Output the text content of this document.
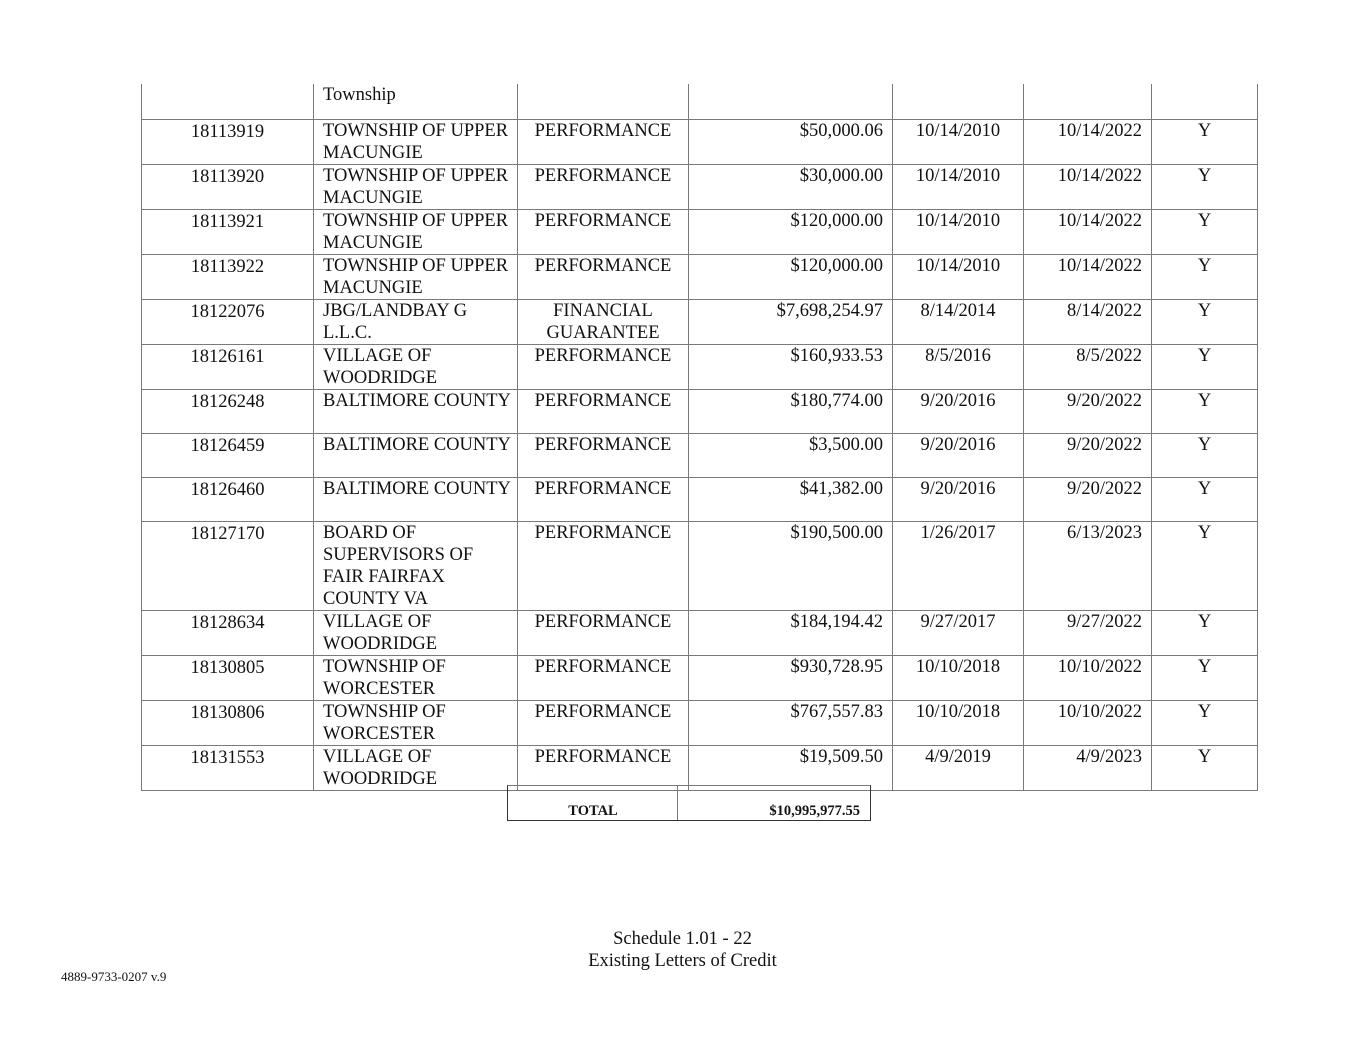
	Township					
18113919	TOWNSHIP OF UPPER MACUNGIE	PERFORMANCE	$50,000.06	10/14/2010	10/14/2022	Y
18113920	TOWNSHIP OF UPPER MACUNGIE	PERFORMANCE	$30,000.00	10/14/2010	10/14/2022	Y
18113921	TOWNSHIP OF UPPER MACUNGIE	PERFORMANCE	$120,000.00	10/14/2010	10/14/2022	Y
18113922	TOWNSHIP OF UPPER MACUNGIE	PERFORMANCE	$120,000.00	10/14/2010	10/14/2022	Y
18122076	JBG/LANDBAY G L.L.C.	FINANCIAL GUARANTEE	$7,698,254.97	8/14/2014	8/14/2022	Y
18126161	VILLAGE OF WOODRIDGE	PERFORMANCE	$160,933.53	8/5/2016	8/5/2022	Y
18126248	BALTIMORE COUNTY	PERFORMANCE	$180,774.00	9/20/2016	9/20/2022	Y
18126459	BALTIMORE COUNTY	PERFORMANCE	$3,500.00	9/20/2016	9/20/2022	Y
18126460	BALTIMORE COUNTY	PERFORMANCE	$41,382.00	9/20/2016	9/20/2022	Y
18127170	BOARD OF SUPERVISORS OF FAIR FAIRFAX COUNTY VA	PERFORMANCE	$190,500.00	1/26/2017	6/13/2023	Y
18128634	VILLAGE OF WOODRIDGE	PERFORMANCE	$184,194.42	9/27/2017	9/27/2022	Y
18130805	TOWNSHIP OF WORCESTER	PERFORMANCE	$930,728.95	10/10/2018	10/10/2022	Y
18130806	TOWNSHIP OF WORCESTER	PERFORMANCE	$767,557.83	10/10/2018	10/10/2022	Y
18131553	VILLAGE OF WOODRIDGE	PERFORMANCE	$19,509.50	4/9/2019	4/9/2023	Y
TOTAL	$10,995,977.55
Schedule 1.01 - 22
Existing Letters of Credit
4889-9733-0207 v.9
